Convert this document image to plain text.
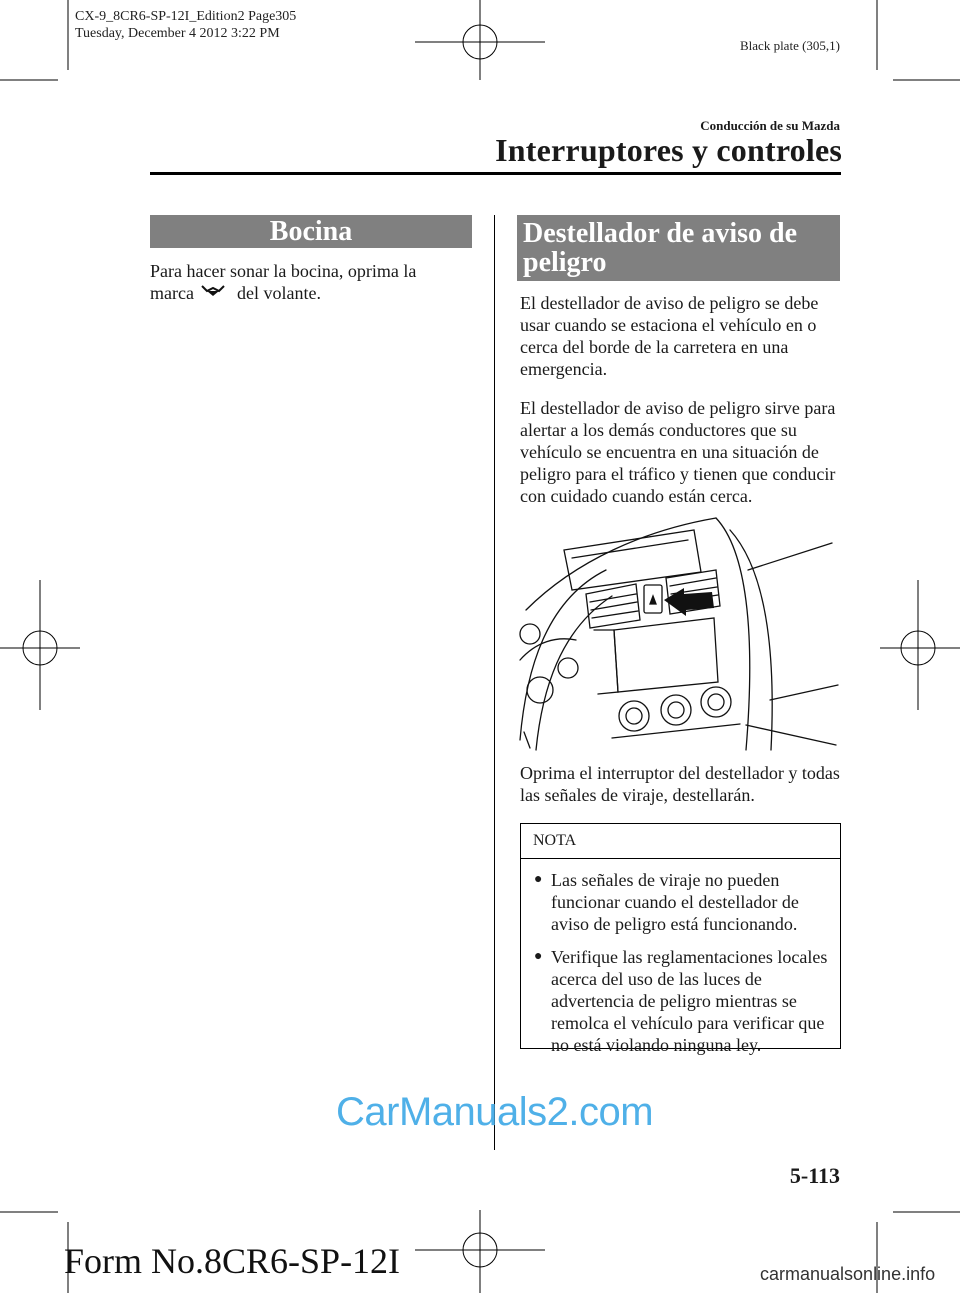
CX-9_8CR6-SP-12I_Edition2 Page305
Tuesday, December 4 2012 3:22 PM
Black plate (305,1)
Conducción de su Mazda
Interruptores y controles
Bocina
Para hacer sonar la bocina, oprima la
marca del volante.
Destellador de aviso de peligro
El destellador de aviso de peligro se debe usar cuando se estaciona el vehículo en o cerca del borde de la carretera en una emergencia.
El destellador de aviso de peligro sirve para alertar a los demás conductores que su vehículo se encuentra en una situación de peligro para el tráfico y tienen que conducir con cuidado cuando están cerca.
Oprima el interruptor del destellador y todas las señales de viraje, destellarán.
NOTA
● Las señales de viraje no pueden funcionar cuando el destellador de aviso de peligro está funcionando.
● Verifique las reglamentaciones locales acerca del uso de las luces de advertencia de peligro mientras se remolca el vehículo para verificar que no está violando ninguna ley.
CarManuals2.com
5-113
Form No.8CR6-SP-12I	carmanualsonline.info
